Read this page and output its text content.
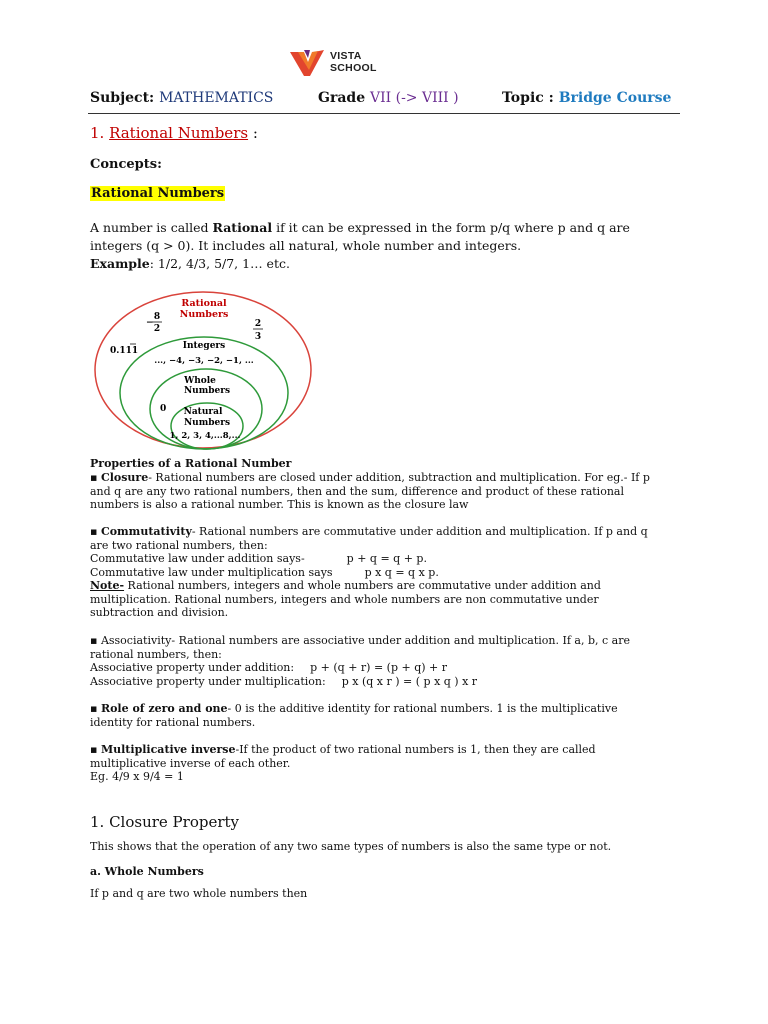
VISTA
SCHOOL
Subject: MATHEMATICS	Grade VII (-> VIII )	Topic : Bridge Course
1. Rational Numbers :
Concepts:
Rational Numbers
A number is called Rational if it can be expressed in the form p/q where p and q are
integers (q > 0). It includes all natural, whole number and integers.
Example: 1/2, 4/3, 5/7, 1… etc.
Rational
Numbers
−
8
2	2
3
0.111	Integers
..., −4, −3, −2, −1, ...
Whole
Numbers
0 Natural
Numbers
1, 2, 3, 4,...8,...
Properties of a Rational Number
▪ Closure- Rational numbers are closed under addition, subtraction and multiplication. For eg.- If p
and q are any two rational numbers, then and the sum, difference and product of these rational
numbers is also a rational number. This is known as the closure law
▪ Commutativity- Rational numbers are commutative under addition and multiplication. If p and q
are two rational numbers, then:
Commutative law under addition says-	p + q = q + p.
Commutative law under multiplication says	p x q = q x p.
Note- Rational numbers, integers and whole numbers are commutative under addition and
multiplication. Rational numbers, integers and whole numbers are non commutative under
subtraction and division.
▪ Associativity- Rational numbers are associative under addition and multiplication. If a, b, c are
rational numbers, then:
Associative property under addition: p + (q + r) = (p + q) + r
Associative property under multiplication: p x (q x r ) = ( p x q ) x r
▪ Role of zero and one- 0 is the additive identity for rational numbers. 1 is the multiplicative
identity for rational numbers.
▪ Multiplicative inverse-If the product of two rational numbers is 1, then they are called
multiplicative inverse of each other.
Eg. 4/9 x 9/4 = 1
1. Closure Property
This shows that the operation of any two same types of numbers is also the same type or not.
a. Whole Numbers
If p and q are two whole numbers then
